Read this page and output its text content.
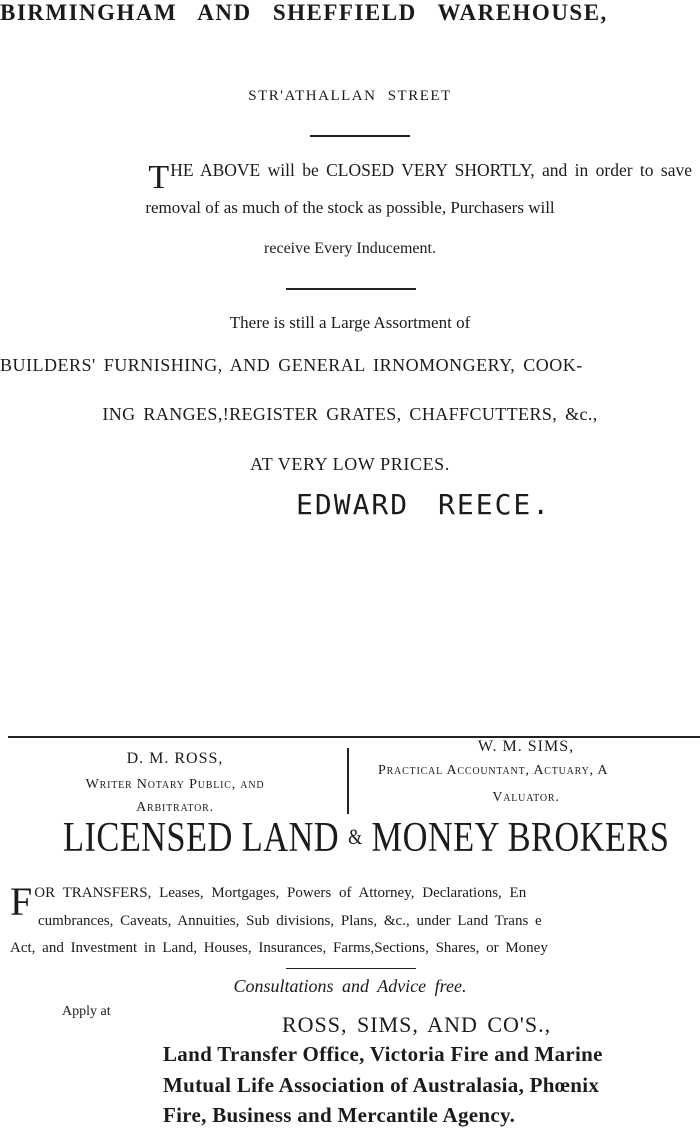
BIRMINGHAM AND SHEFFIELD WAREHOUSE,
STR'ATHALLAN STREET
THE ABOVE will be CLOSED VERY SHORTLY, and in order to save
removal of as much of the stock as possible, Purchasers will
receive Every Inducement.
There is still a Large Assortment of
BUILDERS' FURNISHING, AND GENERAL IRNOMONGERY, COOK-
ING RANGES,!REGISTER GRATES, CHAFFCUTTERS, &c.,
AT VERY LOW PRICES.
EDWARD REECE.
D. M. ROSS,
Writer Notary Public, and
Arbitrator.
W. M. SIMS,
Practical Accountant, Actuary, A
Valuator.
LICENSED LAND & MONEY BROKERS
FOR TRANSFERS, Leases, Mortgages, Powers of Attorney, Declarations, En
cumbrances, Caveats, Annuities, Sub divisions, Plans, &c., under Land Trans e
Act, and Investment in Land, Houses, Insurances, Farms,Sections, Shares, or Money
Consultations and Advice free.
Apply at
ROSS, SIMS, AND CO'S.,
Land Transfer Office, Victoria Fire and Marine
Mutual Life Association of Australasia, Phœnix
Fire, Business and Mercantile Agency.
